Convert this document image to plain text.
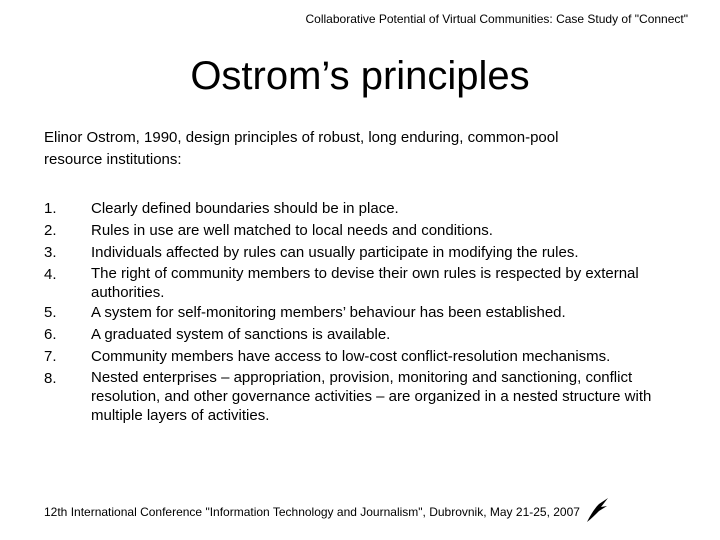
Collaborative Potential of Virtual Communities: Case Study of "Connect"
Ostrom’s principles
Elinor Ostrom, 1990, design principles of robust, long enduring, common-pool
resource institutions:
1.	Clearly defined boundaries should be in place.
2.	Rules in use are well matched to local needs and conditions.
3.	Individuals affected by rules can usually participate in modifying the rules.
4.	The right of community members to devise their own rules is respected by external authorities.
5.	A system for self-monitoring members’ behaviour has been established.
6.	A graduated system of sanctions is available.
7.	Community members have access to low-cost conflict-resolution mechanisms.
8.	Nested enterprises – appropriation, provision, monitoring and sanctioning, conflict resolution, and other governance activities – are organized in a nested structure with multiple layers of activities.
12th International Conference "Information Technology and Journalism", Dubrovnik, May 21-25, 2007
